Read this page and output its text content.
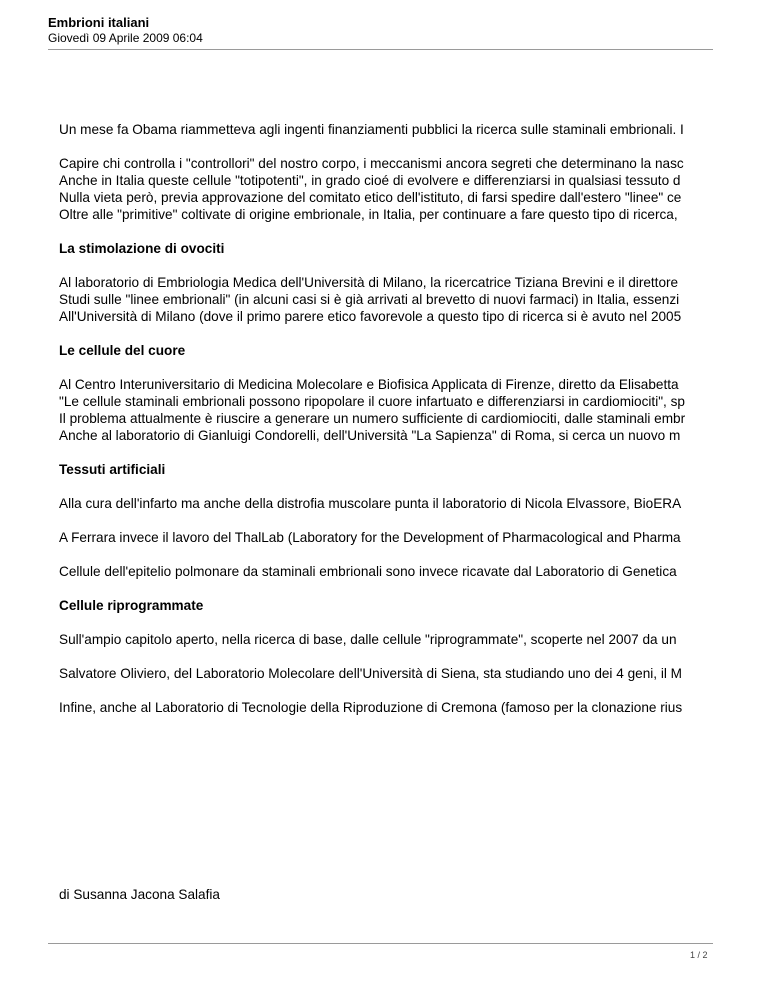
Embrioni italiani
Giovedì 09 Aprile 2009 06:04
Un mese fa Obama riammetteva agli ingenti finanziamenti pubblici la ricerca sulle staminali embrionali. I
Capire chi controlla i "controllori" del nostro corpo, i meccanismi ancora segreti che determinano la nasc
Anche in Italia queste cellule "totipotenti", in grado cioé di evolvere e differenziarsi in qualsiasi tessuto d
Nulla vieta però, previa approvazione del comitato etico dell'istituto, di farsi spedire dall'estero "linee" ce
Oltre alle "primitive" coltivate di origine embrionale, in Italia, per continuare a fare questo tipo di ricerca,
La stimolazione di ovociti
Al laboratorio di Embriologia Medica dell'Università di Milano, la ricercatrice Tiziana Brevini e il direttore
Studi sulle "linee embrionali" (in alcuni casi si è già arrivati al brevetto di nuovi farmaci) in Italia, essenzi
All'Università di Milano (dove il primo parere etico favorevole a questo tipo di ricerca si è avuto nel 2005
Le cellule del cuore
Al Centro Interuniversitario di Medicina Molecolare e Biofisica Applicata di Firenze, diretto da Elisabetta
"Le cellule staminali embrionali possono ripopolare il cuore infartuato e differenziarsi in cardiomiociti", sp
Il problema attualmente è riuscire a generare un numero sufficiente di cardiomiociti, dalle staminali embr
Anche al laboratorio di Gianluigi Condorelli, dell'Università "La Sapienza" di Roma, si cerca un nuovo m
Tessuti artificiali
Alla cura dell'infarto ma anche della distrofia muscolare punta il laboratorio di Nicola Elvassore, BioERA
A Ferrara invece il lavoro del ThalLab (Laboratory for the Development of Pharmacological and Pharma
Cellule dell'epitelio polmonare da staminali embrionali sono invece ricavate dal Laboratorio di Genetica
Cellule riprogrammate
Sull'ampio capitolo aperto, nella ricerca di base, dalle cellule "riprogrammate", scoperte nel 2007 da un
Salvatore Oliviero, del Laboratorio Molecolare dell'Università di Siena, sta studiando uno dei 4 geni, il M
Infine, anche al Laboratorio di Tecnologie della Riproduzione di Cremona (famoso per la clonazione rius
di Susanna Jacona Salafia
1 / 2
